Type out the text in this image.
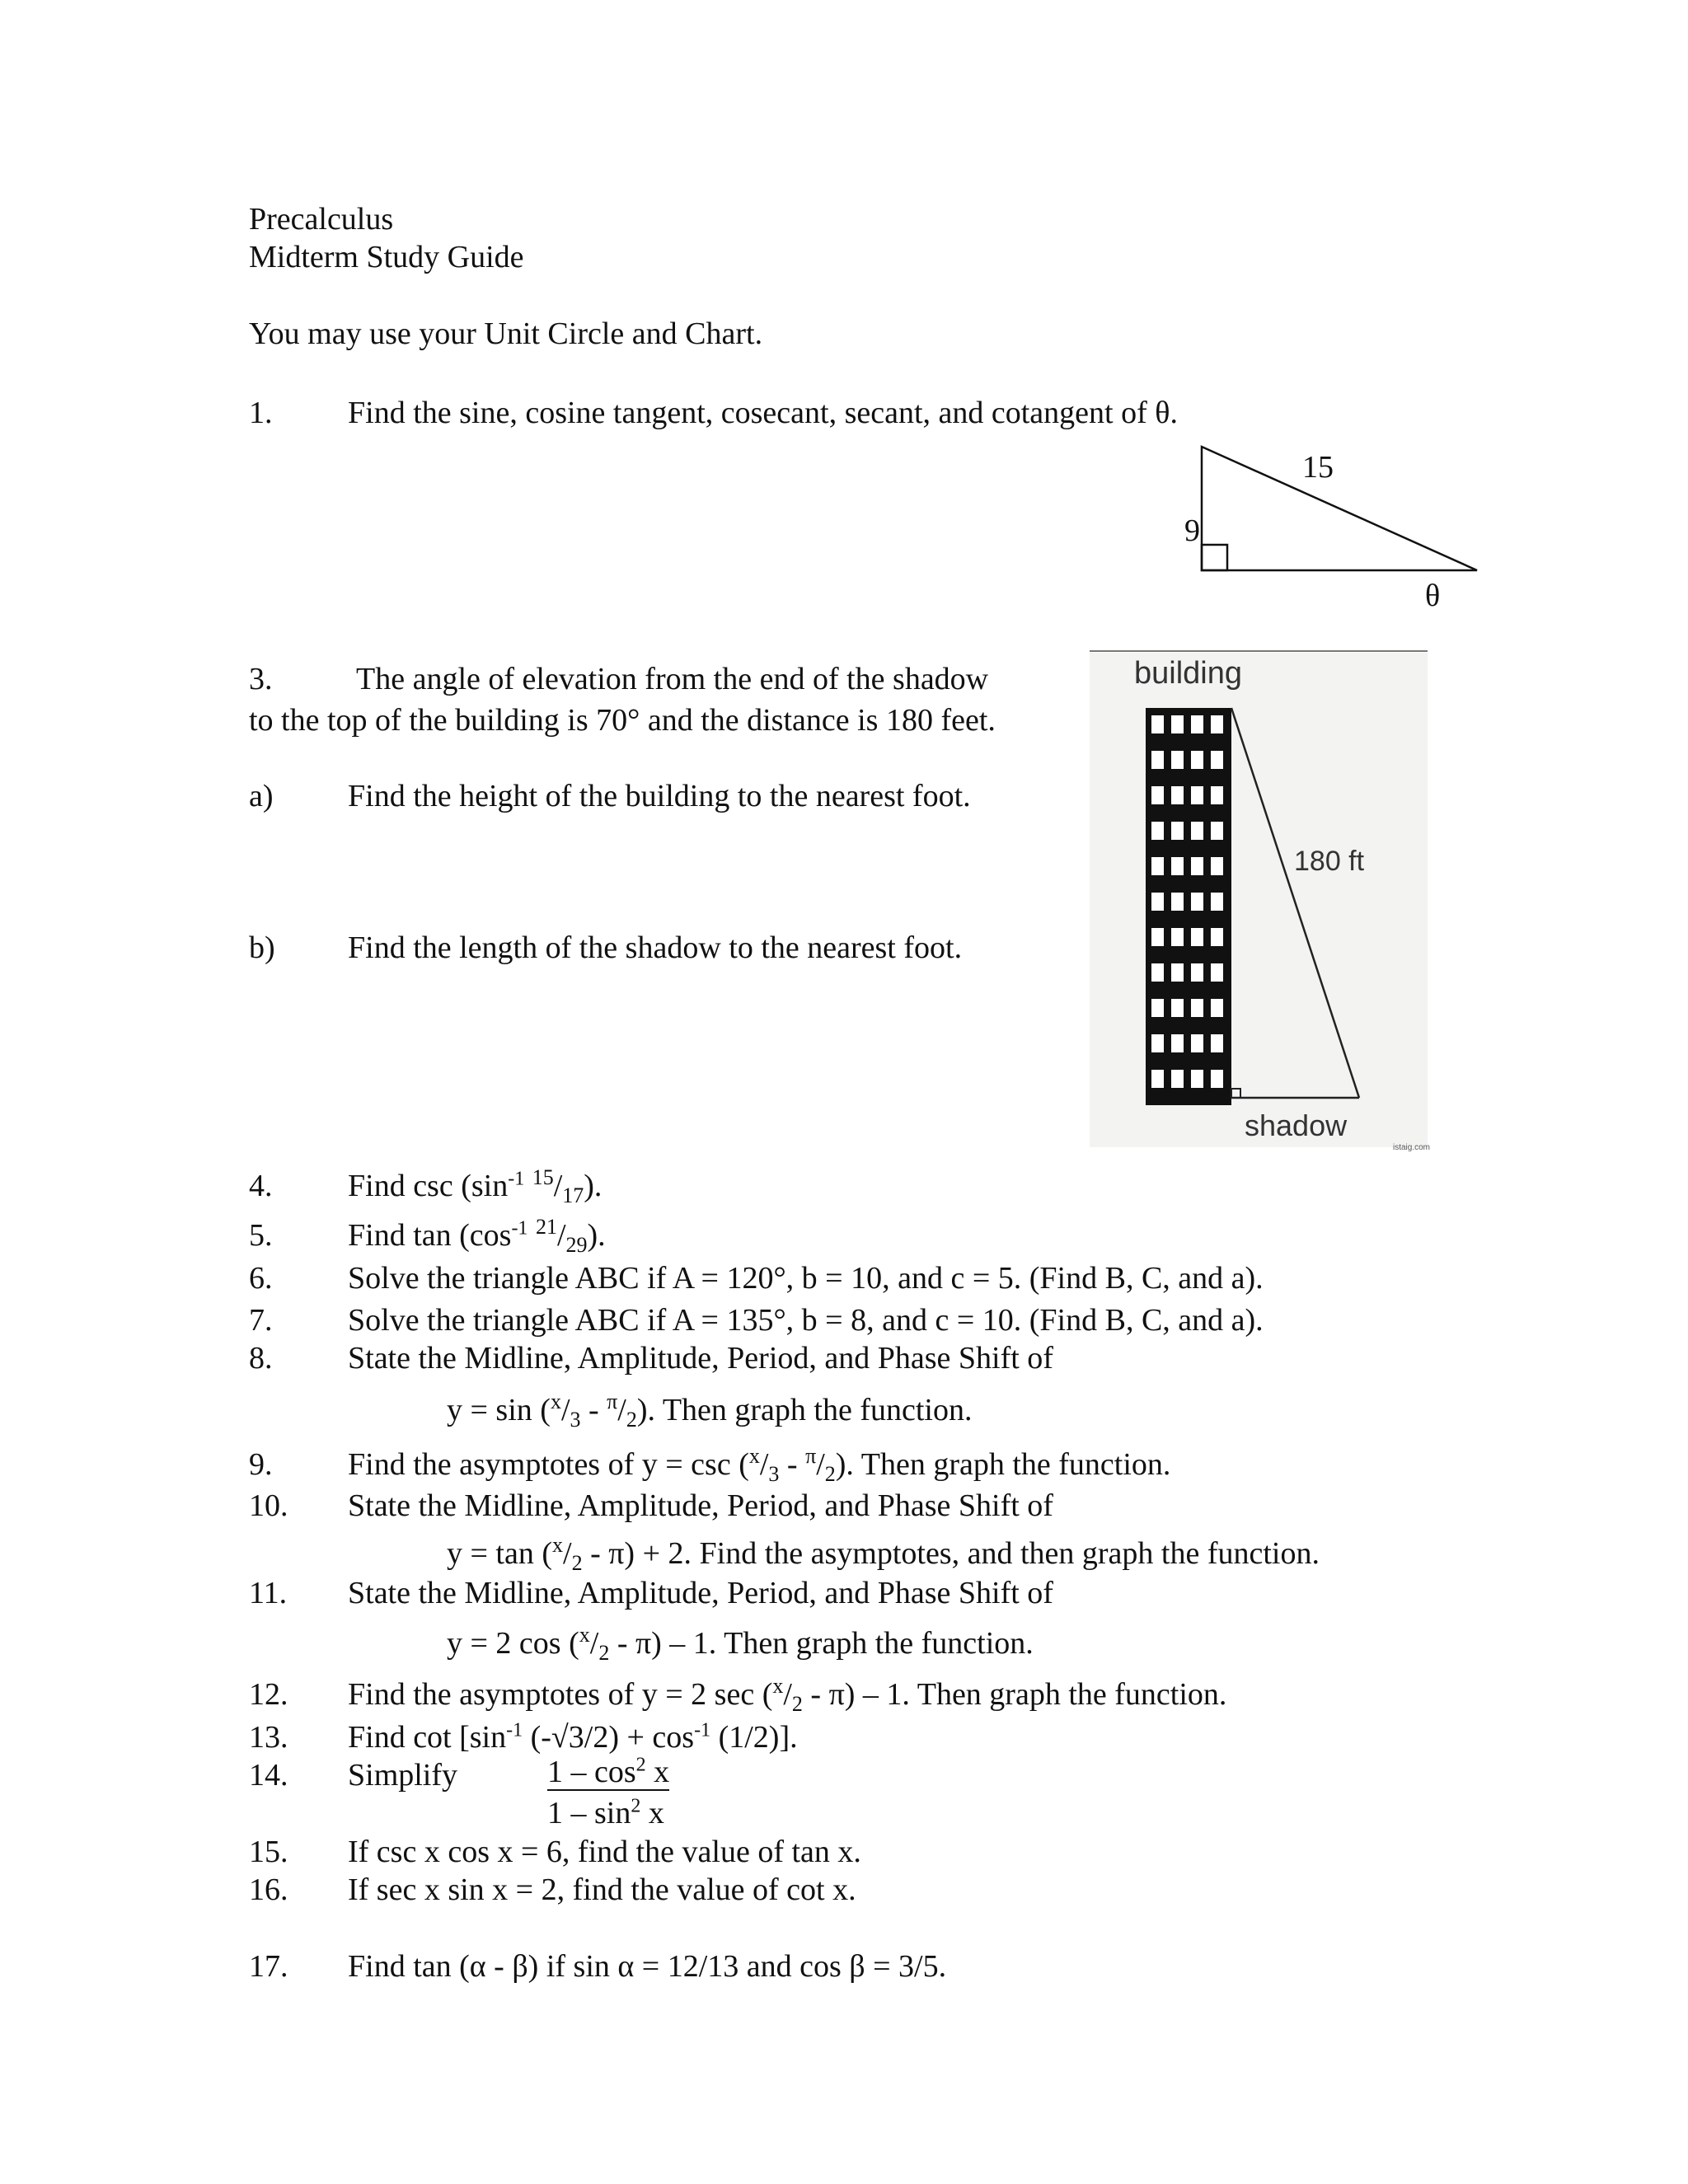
Precalculus
Midterm Study Guide
You may use your Unit Circle and Chart.
1. Find the sine, cosine tangent, cosecant, secant, and cotangent of θ.
15
9
θ
3.	The angle of elevation from the end of the shadow
to the top of the building is 70° and the distance is 180 feet.
a) Find the height of the building to the nearest foot.
b) Find the length of the shadow to the nearest foot.
building
180 ft
shadow
istaig.com
4. Find $\csc (\sin^{-1}$ $^{15}/_{17}$).
5. Find $\tan (\cos^{-1}$ $^{21}/_{29}$).
6. Solve the triangle ABC if A = 120°, b = 10, and c = 5. (Find B, C, and a).
7. Solve the triangle ABC if A = 135°, b = 8, and c = 10. (Find B, C, and a).
8. State the Midline, Amplitude, Period, and Phase Shift of
$y = \sin (^x/_3 - ^\pi/_2)$. Then graph the function.
9. Find the asymptotes of $y = \csc (^x/_3 - ^\pi/_2)$. Then graph the function.
10. State the Midline, Amplitude, Period, and Phase Shift of
$y = \tan (^x/_2 - \pi) + 2$. Find the asymptotes, and then graph the function.
11. State the Midline, Amplitude, Period, and Phase Shift of
y = 2 $\cos (^x/_2 - \pi) - 1$. Then graph the function.
12. Find the asymptotes of y = 2 $\sec (^x/_2 - \pi) - 1$. Then graph the function.
13. Find $\cot [\sin^{-1}$ $(-√3/2) + \cos^{-1} (1/2)$].
14. Simplify	$1 - \cos^2 x$
$1 - \sin^2 x$
15. If csc x cos x = 6, find the value of tan x.
16. If sec x sin x = 2, find the value of cot x.
17. Find tan (α - β) if sin α = 12/13 and cos β = 3/5.
